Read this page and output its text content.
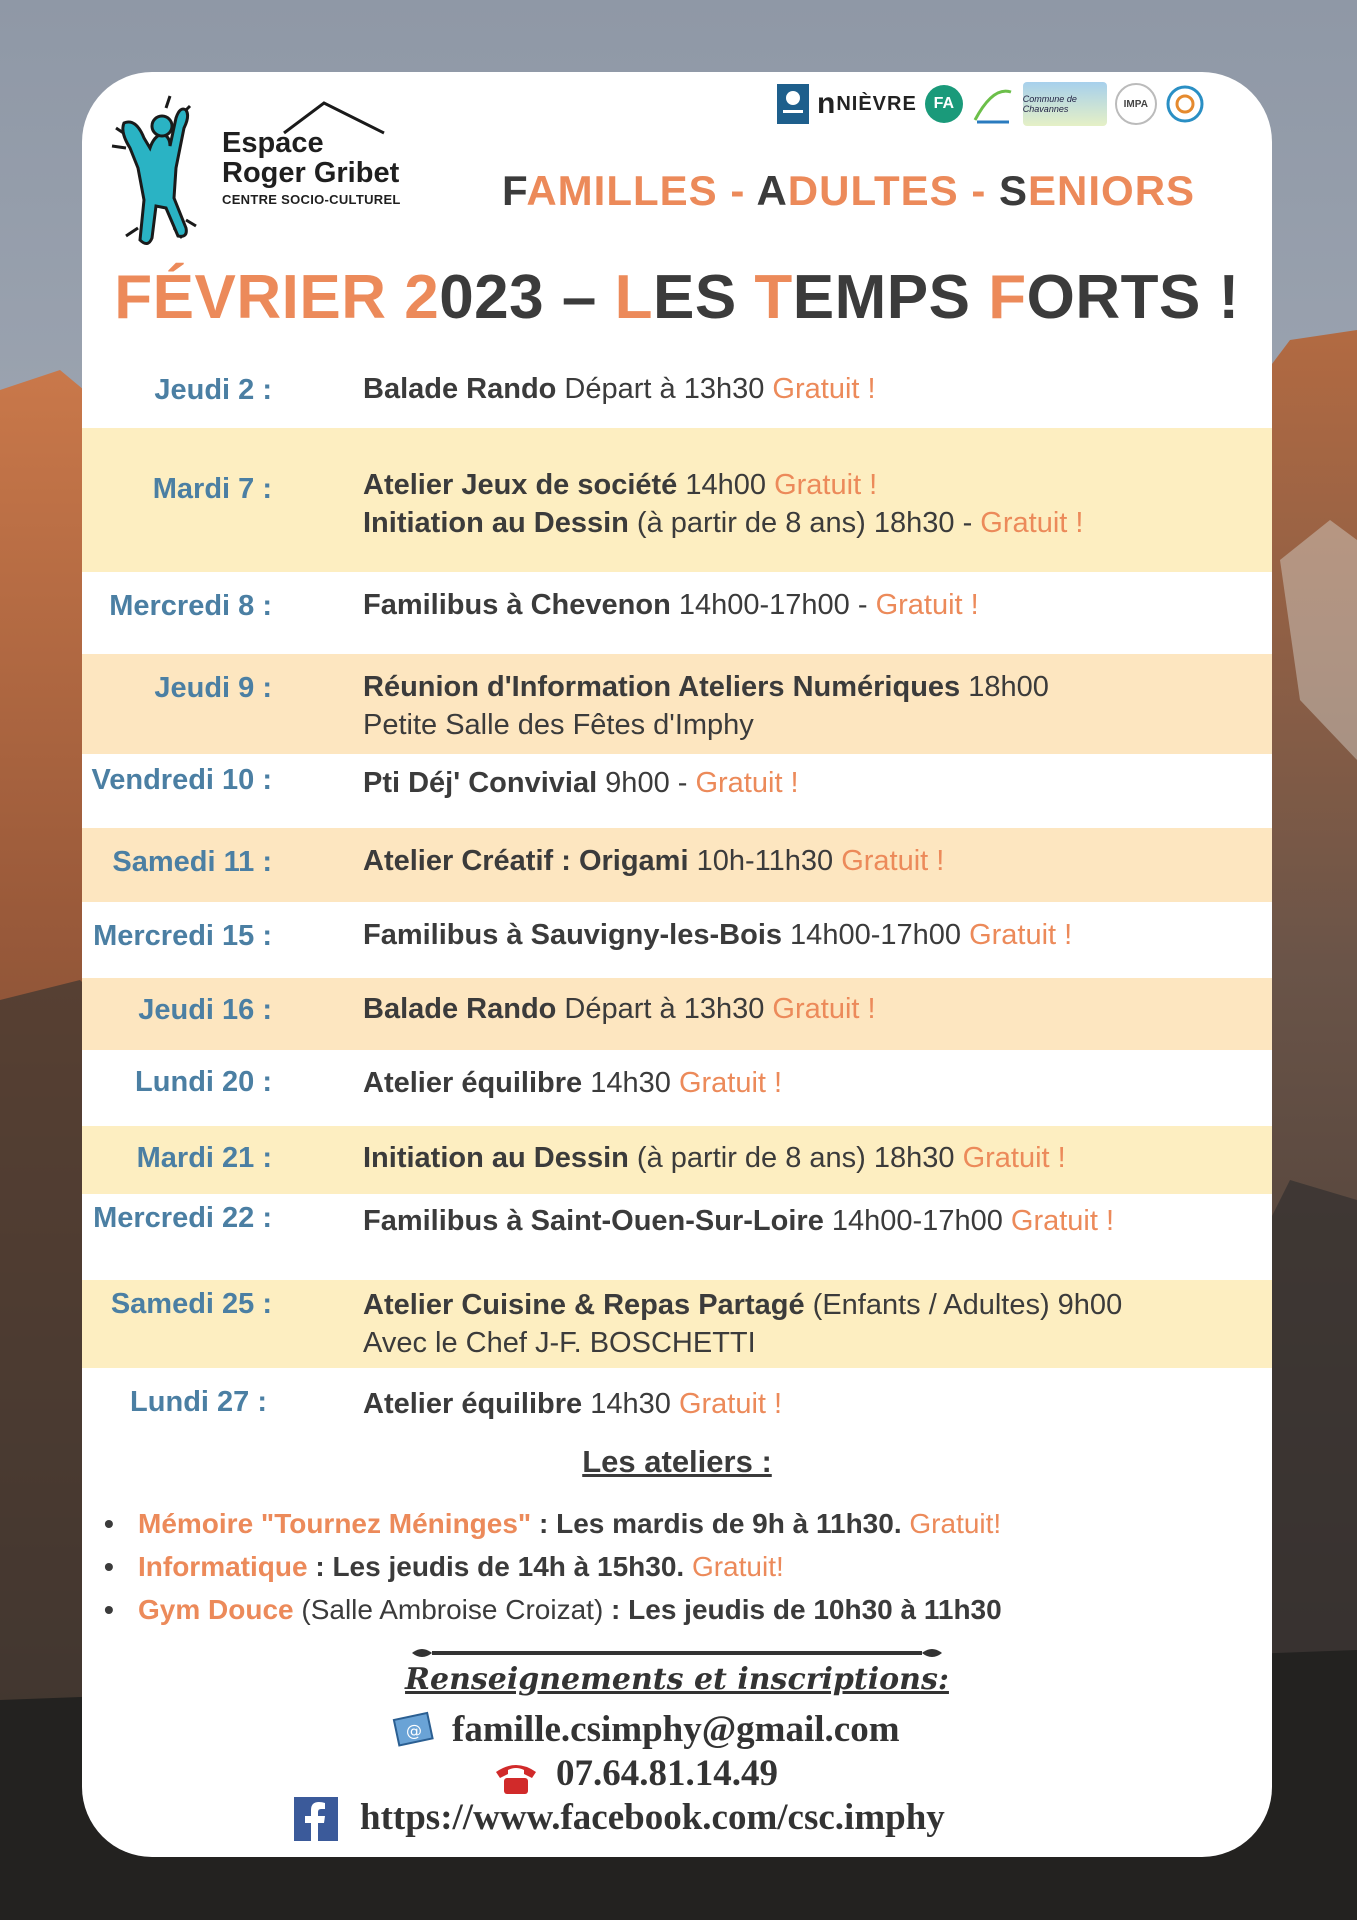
Espace
Roger Gribet
CENTRE SOCIO-CULTUREL
n NIÈVRE	FA	Commune de Chavannes	IMPA
FAMILLES - ADULTES - SENIORS
FÉVRIER 2023 – LES TEMPS FORTS !
Jeudi 2 :	Balade Rando Départ à 13h30 Gratuit !
Mardi 7 :	Atelier Jeux de société 14h00 Gratuit !
Initiation au Dessin (à partir de 8 ans) 18h30 - Gratuit !
Mercredi 8 :	Familibus à Chevenon 14h00-17h00 - Gratuit !
Jeudi 9 :	Réunion d'Information Ateliers Numériques 18h00
Petite Salle des Fêtes d'Imphy
Vendredi 10 :	Pti Déj' Convivial 9h00 - Gratuit !
Samedi 11 :	Atelier Créatif : Origami 10h-11h30 Gratuit !
Mercredi 15 :	Familibus à Sauvigny-les-Bois 14h00-17h00 Gratuit !
Jeudi 16 :	Balade Rando Départ à 13h30 Gratuit !
Lundi 20 :	Atelier équilibre 14h30 Gratuit !
Mardi 21 :	Initiation au Dessin (à partir de 8 ans) 18h30 Gratuit !
Mercredi 22 :	Familibus à Saint-Ouen-Sur-Loire 14h00-17h00 Gratuit !
Samedi 25 :	Atelier Cuisine & Repas Partagé (Enfants / Adultes) 9h00
Avec le Chef J-F. BOSCHETTI
Lundi 27 :	Atelier équilibre 14h30 Gratuit !
Les ateliers :
• Mémoire "Tournez Méninges" : Les mardis de 9h à 11h30. Gratuit!
• Informatique : Les jeudis de 14h à 15h30. Gratuit!
• Gym Douce (Salle Ambroise Croizat) : Les jeudis de 10h30 à 11h30
Renseignements et inscriptions:
@ famille.csimphy@gmail.com
07.64.81.14.49
https://www.facebook.com/csc.imphy
